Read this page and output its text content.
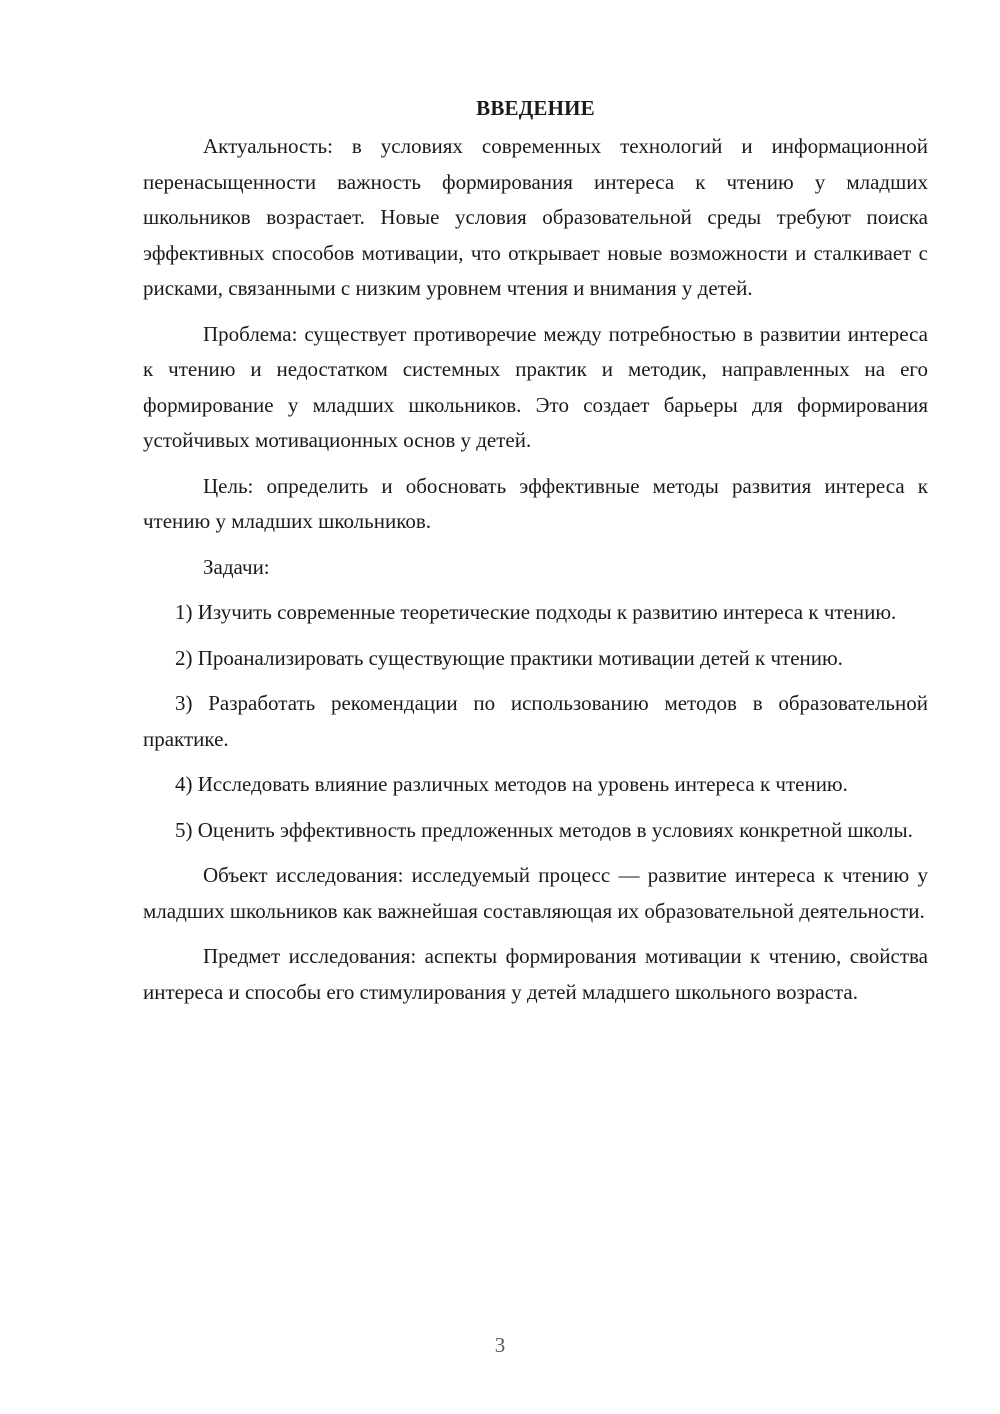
ВВЕДЕНИЕ

Актуальность: в условиях современных технологий и информационной перенасыщенности важность формирования интереса к чтению у младших школьников возрастает. Новые условия образовательной среды требуют поиска эффективных способов мотивации, что открывает новые возможности и сталкивает с рисками, связанными с низким уровнем чтения и внимания у детей.

Проблема: существует противоречие между потребностью в развитии интереса к чтению и недостатком системных практик и методик, направленных на его формирование у младших школьников. Это создает барьеры для формирования устойчивых мотивационных основ у детей.

Цель: определить и обосновать эффективные методы развития интереса к чтению у младших школьников.

Задачи:

1) Изучить современные теоретические подходы к развитию интереса к чтению.

2) Проанализировать существующие практики мотивации детей к чтению.

3) Разработать рекомендации по использованию методов в образовательной практике.

4) Исследовать влияние различных методов на уровень интереса к чтению.

5) Оценить эффективность предложенных методов в условиях конкретной школы.

Объект исследования: исследуемый процесс — развитие интереса к чтению у младших школьников как важнейшая составляющая их образовательной деятельности.

Предмет исследования: аспекты формирования мотивации к чтению, свойства интереса и способы его стимулирования у детей младшего школьного возраста.

3
